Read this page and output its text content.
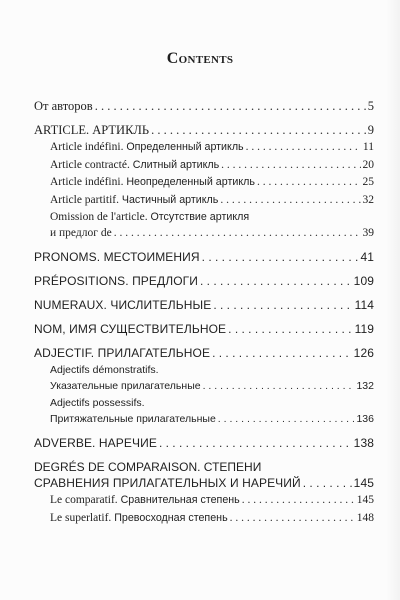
Contents
От авторов . . .	5
ARTICLE. АРТИКЛЬ . . .	9
Article indéfini. Определенный артикль . . .	11
Article contracté. Слитный артикль . . .	20
Article indéfini. Неопределенный артикль . . .	25
Article partitif. Частичный артикль . . .	32
Omission de l'article. Отсутствие артикля
и предлог de . . .	39
PRONOMS. МЕСТОИМЕНИЯ . . .	41
PRÉPOSITIONS. ПРЕДЛОГИ . . .	109
NUMERAUX. ЧИСЛИТЕЛЬНЫЕ . . .	114
NOM, ИМЯ СУЩЕСТВИТЕЛЬНОЕ . . .	119
ADJECTIF. ПРИЛАГАТЕЛЬНОЕ . . .	126
Adjectifs démonstratifs.
Указательные прилагательные . . .	132
Adjectifs possessifs.
Притяжательные прилагательные . . .	136
ADVERBE. НАРЕЧИЕ . . .	138
DEGRÉS DE COMPARAISON. СТЕПЕНИ
СРАВНЕНИЯ ПРИЛАГАТЕЛЬНЫХ И НАРЕЧИЙ . . .	145
Le comparatif. Сравнительная степень . . .	145
Le superlatif. Превосходная степень . . .	148
